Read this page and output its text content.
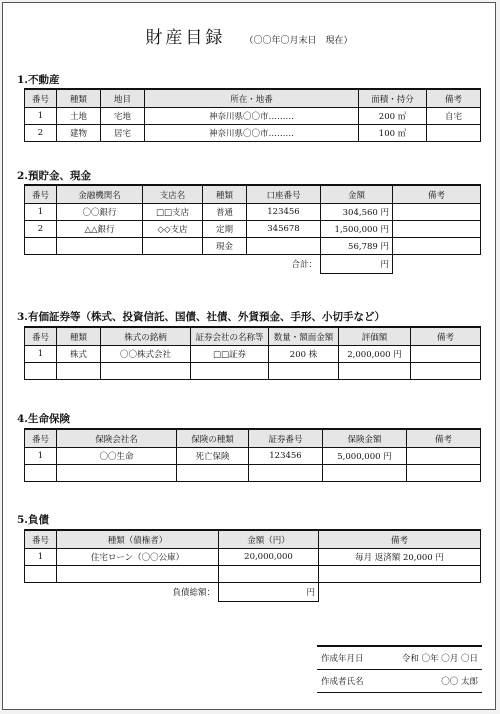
財産目録 （〇〇年〇月末日　現在）
1.不動産
番号	種類	地目	所在・地番	面積・持分	備考
1	土地	宅地	神奈川県〇〇市………	200 ㎡	自宅
2	建物	居宅	神奈川県〇〇市………	100 ㎡	
2.預貯金、現金
番号	金融機関名	支店名	種類	口座番号	金額	備考
1	〇〇銀行	□□支店	普通	123456	304,560 円	
2	△△銀行	◇◇支店	定期	345678	1,500,000 円	
			現金		56,789 円	
				合計：	円	
3.有価証券等（株式、投資信託、国債、社債、外貨預金、手形、小切手など）
番号	種類	株式の銘柄	証券会社の名称等	数量・額面金額	評価額	備考
1	株式	〇〇株式会社	□□証券	200 株	2,000,000 円	

4.生命保険
番号	保険会社名	保険の種類	証券番号	保険金額	備考
1	〇〇生命	死亡保険	123456	5,000,000 円	

5.負債
番号	種類（債権者）	金額（円）	備考
1	住宅ローン（〇〇公庫）	20,000,000	毎月 返済額 20,000 円

	負債総額：	円	
作成年月日	令和 〇年 〇月 〇日
作成者氏名	〇〇 太郎
